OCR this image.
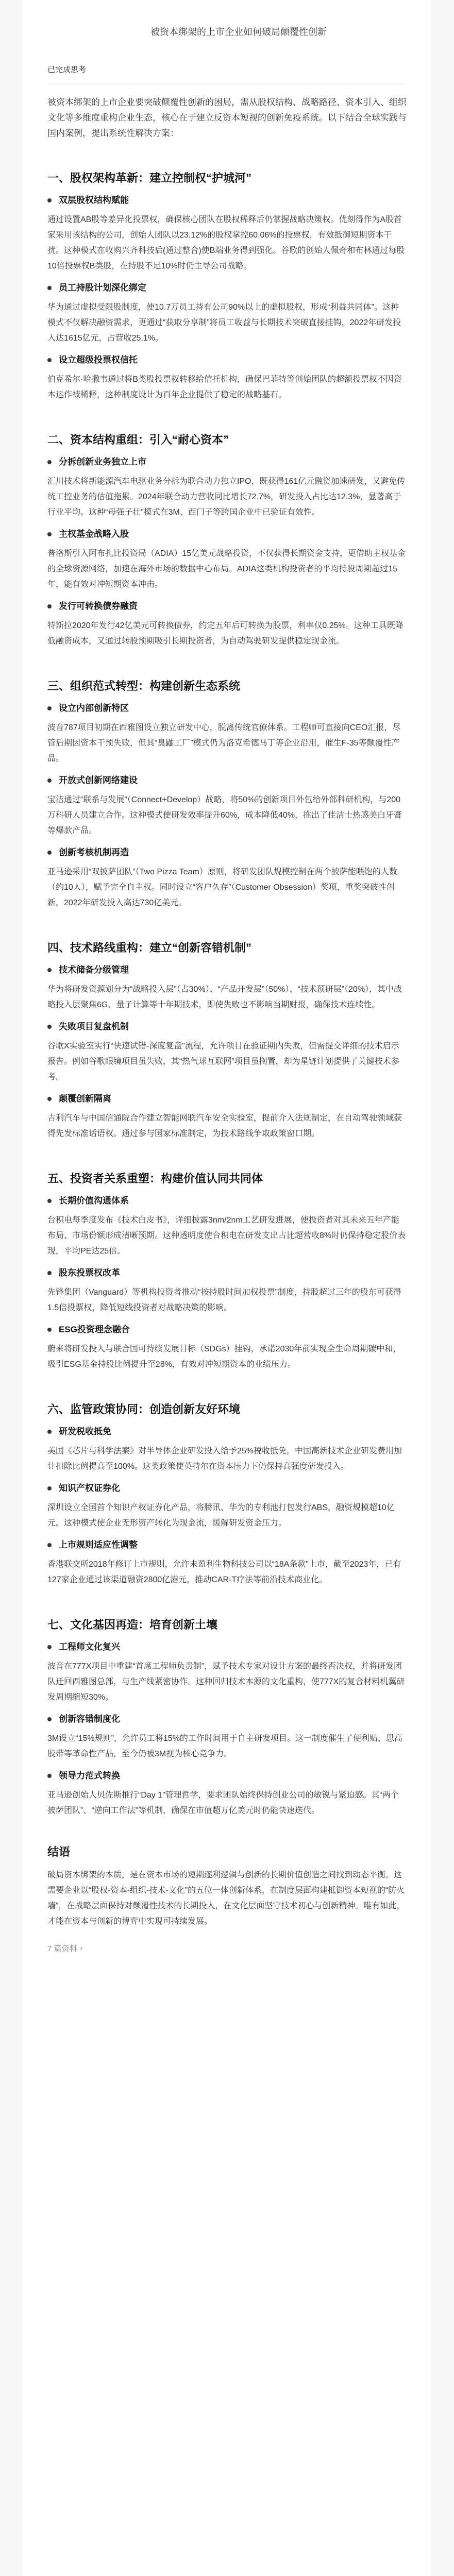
被资本绑架的上市企业如何破局颠覆性创新
已完成思考
被资本绑架的上市企业要突破颠覆性创新的困局，需从股权结构、战略路径、资本引入、组织文化等多维度重构企业生态，核心在于建立反资本短视的创新免疫系统。以下结合全球实践与国内案例，提出系统性解决方案：
一、股权架构革新：建立控制权“护城河”
双层股权结构赋能
通过设置AB股等差异化投票权，确保核心团队在股权稀释后仍掌握战略决策权。优刻得作为A股首家采用该结构的公司，创始人团队以23.12%的股权掌控60.06%的投票权，有效抵御短期资本干扰。这种模式在收购兴齐科技后(通过整合)使B端业务得到强化。谷歌的创始人佩奇和布林通过每股10倍投票权B类股，在持股不足10%时仍主导公司战略。
员工持股计划深化绑定
华为通过虚拟受限股制度，使10.7万员工持有公司90%以上的虚拟股权，形成“利益共同体”。这种模式不仅解决融资需求，更通过“获取分享制”将员工收益与长期技术突破直接挂钩，2022年研发投入达1615亿元，占营收25.1%。
设立超级投票权信托
伯克希尔·哈撒韦通过将B类股投票权转移给信托机构，确保巴菲特等创始团队的超额投票权不因资本运作被稀释，这种制度设计为百年企业提供了稳定的战略基石。
二、资本结构重组：引入“耐心资本”
分拆创新业务独立上市
汇川技术将新能源汽车电驱业务分拆为联合动力独立IPO，既获得161亿元融资加速研发，又避免传统工控业务的估值拖累。2024年联合动力营收同比增长72.7%，研发投入占比达12.3%，显著高于行业平均。这种“母强子壮”模式在3M、西门子等跨国企业中已验证有效性。
主权基金战略入股
普洛斯引入阿布扎比投资局（ADIA）15亿美元战略投资，不仅获得长期资金支持，更借助主权基金的全球资源网络，加速在海外市场的数据中心布局。ADIA这类机构投资者的平均持股周期超过15年，能有效对冲短期资本冲击。
发行可转换债券融资
特斯拉2020年发行42亿美元可转换债券，约定五年后可转换为股票，利率仅0.25%。这种工具既降低融资成本，又通过转股预期吸引长期投资者，为自动驾驶研发提供稳定现金流。
三、组织范式转型：构建创新生态系统
设立内部创新特区
波音787项目初期在西雅图设立独立研发中心，脱离传统官僚体系。工程师可直接向CEO汇报，尽管后期因资本干预失败，但其“臭鼬工厂”模式仍为洛克希德马丁等企业沿用，催生F-35等颠覆性产品。
开放式创新网络建设
宝洁通过“联系与发展”（Connect+Develop）战略，将50%的创新项目外包给外部科研机构，与200万科研人员建立合作。这种模式使研发效率提升60%，成本降低40%，推出了佳洁士热感美白牙膏等爆款产品。
创新考核机制再造
亚马逊采用“双披萨团队”（Two Pizza Team）原则，将研发团队规模控制在两个披萨能喂饱的人数（约10人），赋予完全自主权。同时设立“客户久存”（Customer Obsession）奖项，重奖突破性创新，2022年研发投入高达730亿美元。
四、技术路线重构：建立“创新容错机制”
技术储备分级管理
华为将研发资源划分为“战略投入层”（占30%）、“产品开发层”（50%）、“技术预研层”（20%），其中战略投入层聚焦6G、量子计算等十年期技术，即使失败也不影响当期财报，确保技术连续性。
失败项目复盘机制
谷歌X实验室实行“快速试错-深度复盘”流程，允许项目在验证期内失败，但需提交详细的技术启示报告。例如谷歌眼镜项目虽失败，其“热气球互联网”项目虽搁置，却为星链计划提供了关键技术参考。
颠覆创新隔离
吉利汽车与中国信通院合作建立智能网联汽车安全实验室，提前介入法规制定，在自动驾驶领域获得先发标准话语权。通过参与国家标准制定，为技术路线争取政策窗口期。
五、投资者关系重塑：构建价值认同共同体
长期价值沟通体系
台积电每季度发布《技术白皮书》，详细披露3nm/2nm工艺研发进展，使投资者对其未来五年产能布局、市场份额形成清晰预期。这种透明度使台积电在研发支出占比超营收8%时仍保持稳定股价表现，平均PE达25倍。
股东投票权改革
先锋集团（Vanguard）等机构投资者推动“按持股时间加权投票”制度，持股超过三年的股东可获得1.5倍投票权，降低短线投资者对战略决策的影响。
ESG投资理念融合
蔚来将研发投入与联合国可持续发展目标（SDGs）挂钩，承诺2030年前实现全生命周期碳中和，吸引ESG基金持股比例提升至28%，有效对冲短期资本的业绩压力。
六、监管政策协同：创造创新友好环境
研发税收抵免
美国《芯片与科学法案》对半导体企业研发投入给予25%税收抵免，中国高新技术企业研发费用加计扣除比例提高至100%。这类政策使英特尔在资本压力下仍保持高强度研发投入。
知识产权证券化
深圳设立全国首个知识产权证券化产品，将腾讯、华为的专利池打包发行ABS，融资规模超10亿元。这种模式使企业无形资产转化为现金流，缓解研发资金压力。
上市规则适应性调整
香港联交所2018年修订上市规则，允许未盈利生物科技公司以“18A条款”上市，截至2023年，已有127家企业通过该渠道融资2800亿港元，推动CAR-T疗法等前沿技术商业化。
七、文化基因再造：培育创新土壤
工程师文化复兴
波音在777X项目中重建“首席工程师负责制”，赋予技术专家对设计方案的最终否决权，并将研发团队迁回西雅图总部，与生产线紧密协作。这种回归技术本源的文化重构，使777X的复合材料机翼研发周期缩短30%。
创新容错制度化
3M设立“15%规则”，允许员工将15%的工作时间用于自主研发项目。这一制度催生了便利贴、思高胶带等革命性产品，至今仍被3M视为核心竞争力。
领导力范式转换
亚马逊创始人贝佐斯推行“Day 1”管理哲学，要求团队始终保持创业公司的敏锐与紧迫感。其“两个披萨团队”、“逆向工作法”等机制，确保在市值超万亿美元时仍能快速迭代。
结语
破局资本绑架的本质，是在资本市场的短期逐利逻辑与创新的长期价值创造之间找到动态平衡。这需要企业以“股权-资本-组织-技术-文化”的五位一体创新体系，在制度层面构建抵御资本短视的“防火墙”，在战略层面保持对颠覆性技术的长期投入，在文化层面坚守技术初心与创新精神。唯有如此，才能在资本与创新的博弈中实现可持续发展。
7 篇资料 ›
